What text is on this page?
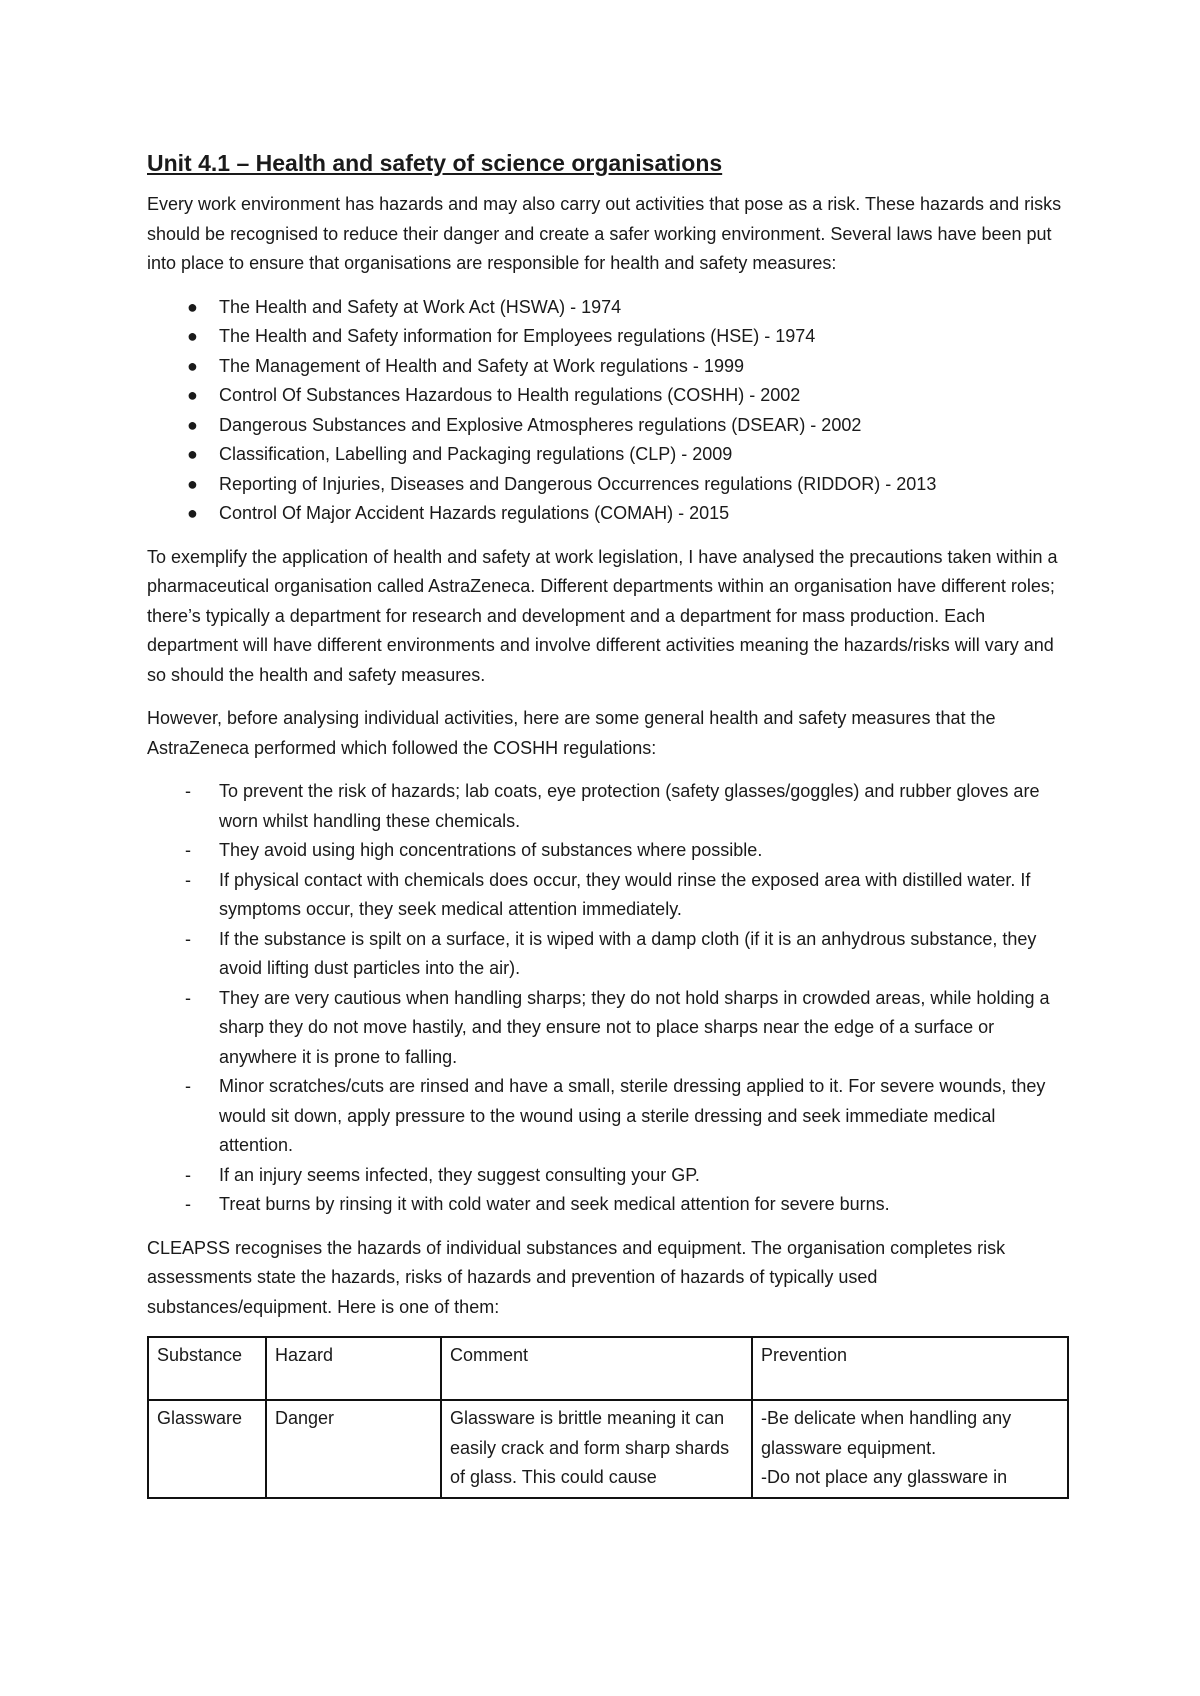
Unit 4.1 – Health and safety of science organisations

Every work environment has hazards and may also carry out activities that pose as a risk. These hazards and risks should be recognised to reduce their danger and create a safer working environment. Several laws have been put into place to ensure that organisations are responsible for health and safety measures:

● The Health and Safety at Work Act (HSWA) - 1974
● The Health and Safety information for Employees regulations (HSE) - 1974
● The Management of Health and Safety at Work regulations - 1999
● Control Of Substances Hazardous to Health regulations (COSHH) - 2002
● Dangerous Substances and Explosive Atmospheres regulations (DSEAR) - 2002
● Classification, Labelling and Packaging regulations (CLP) - 2009
● Reporting of Injuries, Diseases and Dangerous Occurrences regulations (RIDDOR) - 2013
● Control Of Major Accident Hazards regulations (COMAH) - 2015

To exemplify the application of health and safety at work legislation, I have analysed the precautions taken within a pharmaceutical organisation called AstraZeneca. Different departments within an organisation have different roles; there’s typically a department for research and development and a department for mass production. Each department will have different environments and involve different activities meaning the hazards/risks will vary and so should the health and safety measures.

However, before analysing individual activities, here are some general health and safety measures that the AstraZeneca performed which followed the COSHH regulations:

- To prevent the risk of hazards; lab coats, eye protection (safety glasses/goggles) and rubber gloves are worn whilst handling these chemicals.
- They avoid using high concentrations of substances where possible.
- If physical contact with chemicals does occur, they would rinse the exposed area with distilled water. If symptoms occur, they seek medical attention immediately.
- If the substance is spilt on a surface, it is wiped with a damp cloth (if it is an anhydrous substance, they avoid lifting dust particles into the air).
- They are very cautious when handling sharps; they do not hold sharps in crowded areas, while holding a sharp they do not move hastily, and they ensure not to place sharps near the edge of a surface or anywhere it is prone to falling.
- Minor scratches/cuts are rinsed and have a small, sterile dressing applied to it. For severe wounds, they would sit down, apply pressure to the wound using a sterile dressing and seek immediate medical attention.
- If an injury seems infected, they suggest consulting your GP.
- Treat burns by rinsing it with cold water and seek medical attention for severe burns.

CLEAPSS recognises the hazards of individual substances and equipment. The organisation completes risk assessments state the hazards, risks of hazards and prevention of hazards of typically used substances/equipment. Here is one of them:

Substance	Hazard	Comment	Prevention
Glassware	Danger	Glassware is brittle meaning it can easily crack and form sharp shards of glass. This could cause	-Be delicate when handling any glassware equipment.
-Do not place any glassware in
